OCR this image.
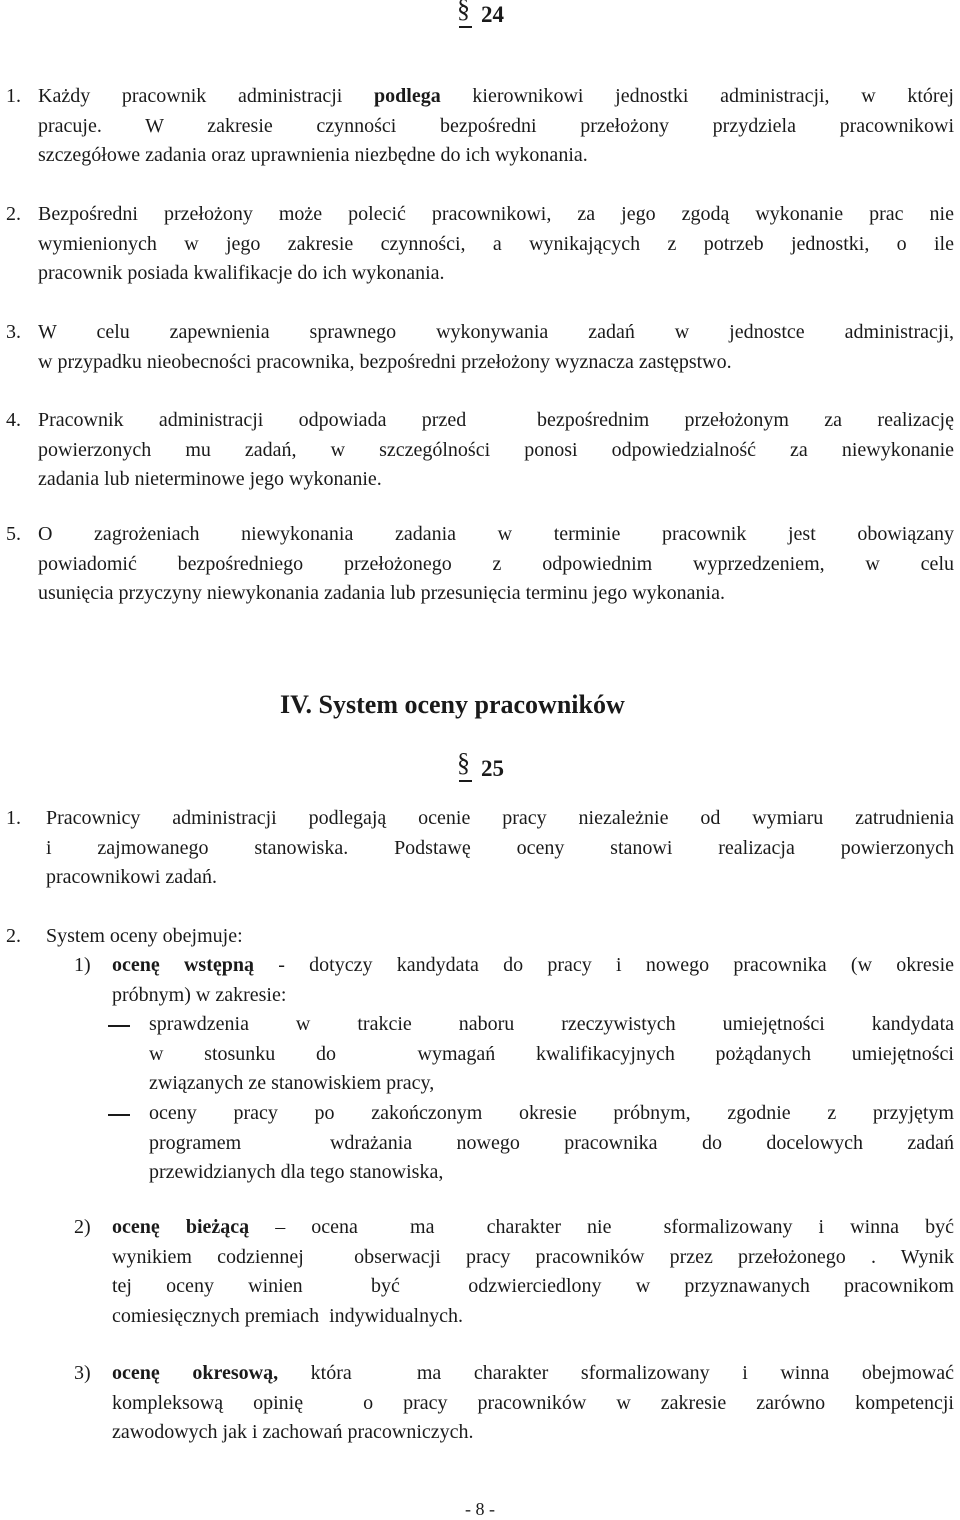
§
24
1. Każdy pracownik administracji podlega kierownikowi jednostki administracji, w której
pracuje. W zakresie czynności bezpośredni przełożony przydziela pracownikowi
szczegółowe zadania oraz uprawnienia niezbędne do ich wykonania.
2. Bezpośredni przełożony może polecić pracownikowi, za jego zgodą wykonanie prac nie
wymienionych w jego zakresie czynności, a wynikających z potrzeb jednostki, o ile
pracownik posiada kwalifikacje do ich wykonania.
3. W celu zapewnienia sprawnego wykonywania zadań w jednostce administracji,
w przypadku nieobecności pracownika, bezpośredni przełożony wyznacza zastępstwo.
4. Pracownik administracji odpowiada przed  bezpośrednim przełożonym za realizację
powierzonych mu zadań, w szczególności ponosi odpowiedzialność za niewykonanie
zadania lub nieterminowe jego wykonanie.
5. O zagrożeniach niewykonania zadania w terminie pracownik jest obowiązany
powiadomić bezpośredniego przełożonego z odpowiednim wyprzedzeniem, w celu
usunięcia przyczyny niewykonania zadania lub przesunięcia terminu jego wykonania.
IV. System oceny pracowników
§
25
1. Pracownicy administracji podlegają ocenie pracy niezależnie od wymiaru zatrudnienia
i zajmowanego stanowiska. Podstawę oceny stanowi realizacja powierzonych
pracownikowi zadań.
2. System oceny obejmuje:
1) ocenę wstępną - dotyczy kandydata do pracy i nowego pracownika (w okresie
próbnym) w zakresie:
sprawdzenia w trakcie naboru rzeczywistych umiejętności kandydata
w stosunku do  wymagań kwalifikacyjnych pożądanych umiejętności
związanych ze stanowiskiem pracy,
oceny pracy po zakończonym okresie próbnym, zgodnie z przyjętym
programem  wdrażania nowego pracownika do docelowych zadań
przewidzianych dla tego stanowiska,
2) ocenę bieżącą – ocena  ma  charakter nie  sformalizowany i winna być
wynikiem codziennej  obserwacji pracy pracowników przez przełożonego . Wynik
tej oceny winien  być  odzwierciedlony w przyznawanych pracownikom
comiesięcznych premiach  indywidualnych.
3) ocenę okresową, która  ma charakter sformalizowany i winna obejmować
kompleksową opinię  o pracy pracowników w zakresie zarówno kompetencji
zawodowych jak i zachowań pracowniczych.
- 8 -
